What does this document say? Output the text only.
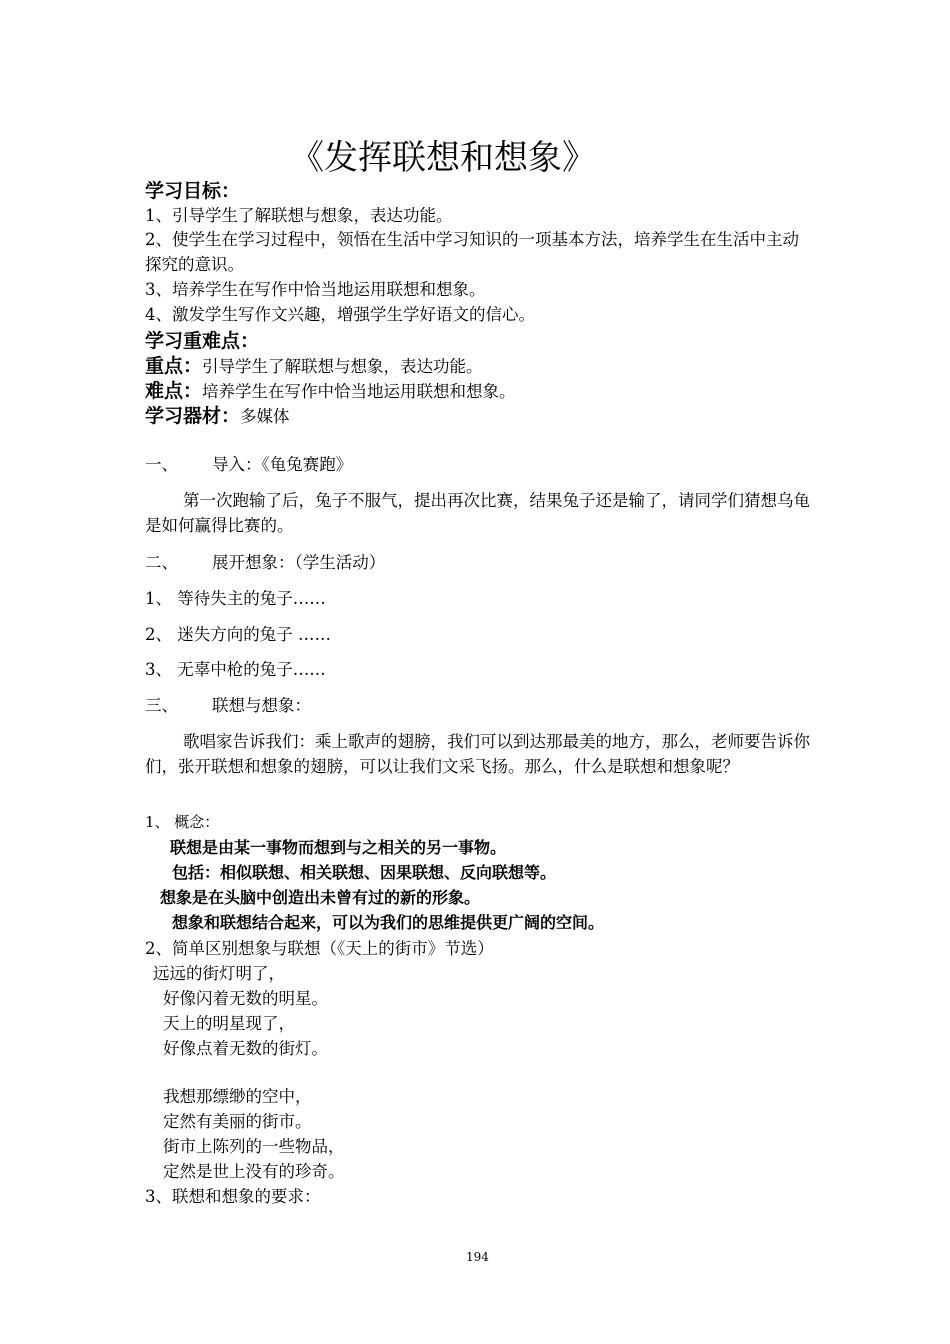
《发挥联想和想象》
学习目标：
1、引导学生了解联想与想象，表达功能。
2、使学生在学习过程中，领悟在生活中学习知识的一项基本方法，培养学生在生活中主动探究的意识。
3、培养学生在写作中恰当地运用联想和想象。
4、激发学生写作文兴趣，增强学生学好语文的信心。
学习重难点：
重点：引导学生了解联想与想象，表达功能。
难点：培养学生在写作中恰当地运用联想和想象。
学习器材：多媒体
一、 导入：《龟兔赛跑》
第一次跑输了后，兔子不服气，提出再次比赛，结果兔子还是输了，请同学们猜想乌龟是如何赢得比赛的。
二、 展开想象：（学生活动）
1、 等待失主的兔子……
2、 迷失方向的兔子 ……
3、 无辜中枪的兔子……
三、 联想与想象：
歌唱家告诉我们：乘上歌声的翅膀，我们可以到达那最美的地方，那么，老师要告诉你们，张开联想和想象的翅膀，可以让我们文采飞扬。那么，什么是联想和想象呢？
1、 概念：
联想是由某一事物而想到与之相关的另一事物。
包括：相似联想、相关联想、因果联想、反向联想等。
想象是在头脑中创造出未曾有过的新的形象。
想象和联想结合起来，可以为我们的思维提供更广阔的空间。
2、简单区别想象与联想（《天上的街市》节选）
远远的街灯明了，
好像闪着无数的明星。
天上的明星现了，
好像点着无数的街灯。
我想那缥缈的空中，
定然有美丽的街市。
街市上陈列的一些物品，
定然是世上没有的珍奇。
3、联想和想象的要求：
194
